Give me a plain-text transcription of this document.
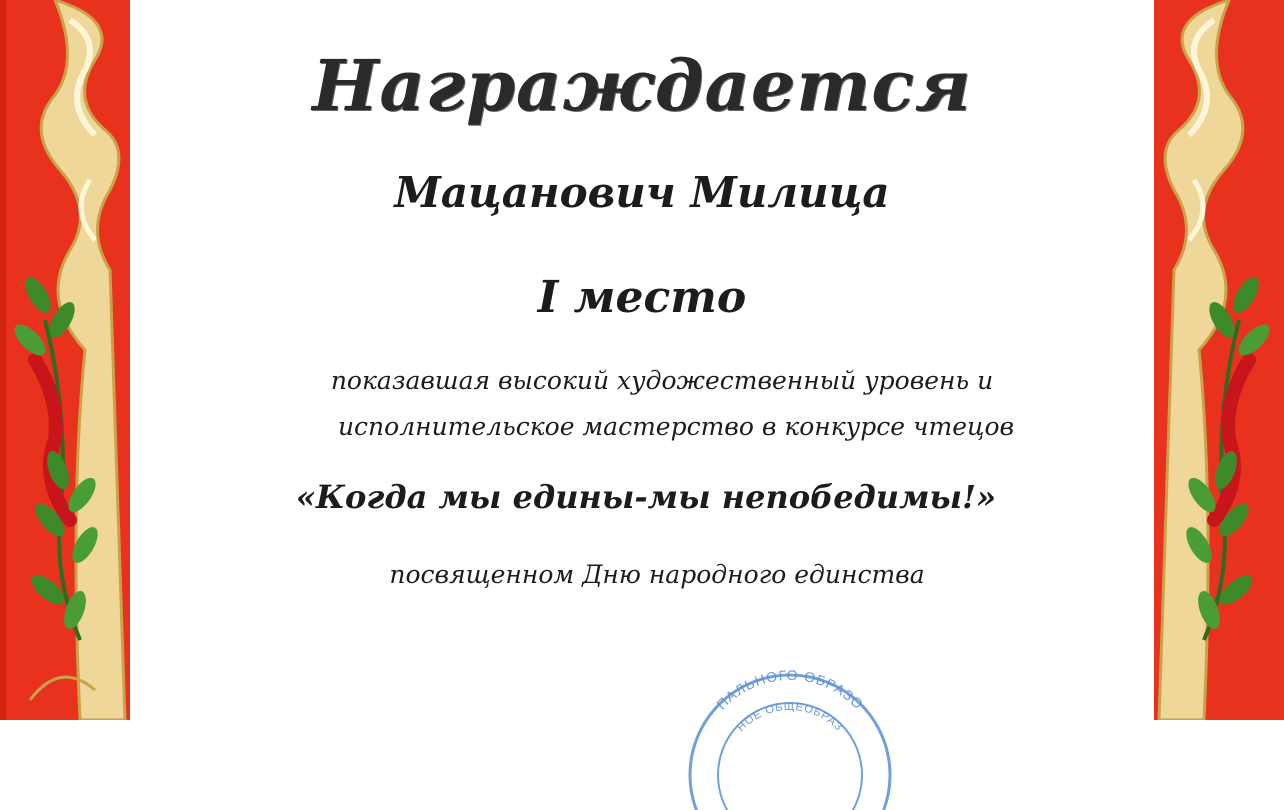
Награждается
Мацанович Милица
I место
показавшая высокий художественный уровень и
исполнительское мастерство в конкурсе чтецов
«Когда мы едины-мы непобедимы!»
посвященном Дню народного единства
ПАЛЬНОГО ОБРАЗО
НОЕ ОБЩЕОБРАЗ
